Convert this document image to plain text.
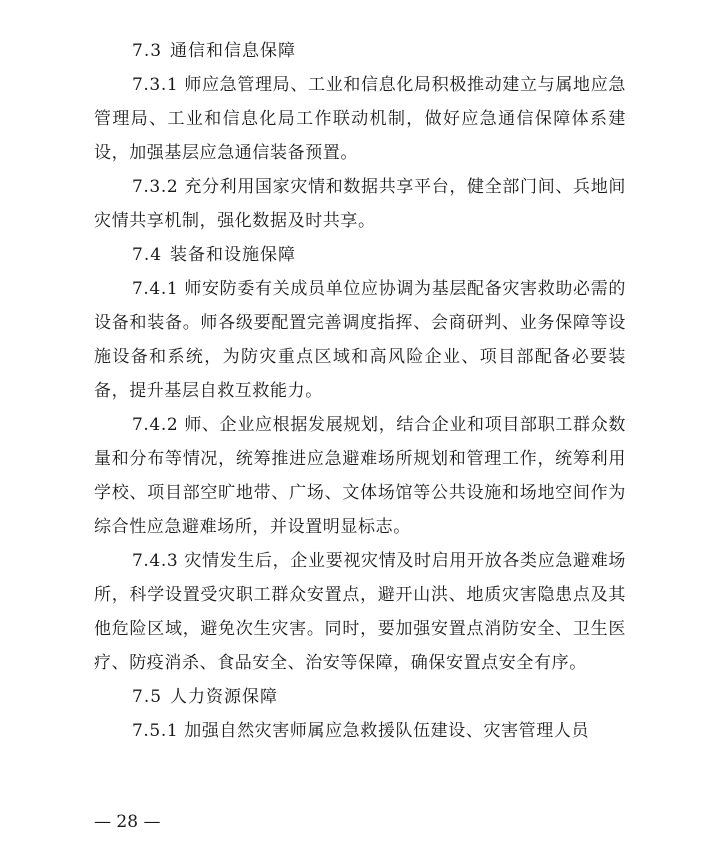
7.3 通信和信息保障

7.3.1 师应急管理局、工业和信息化局积极推动建立与属地应急管理局、工业和信息化局工作联动机制，做好应急通信保障体系建设，加强基层应急通信装备预置。

7.3.2 充分利用国家灾情和数据共享平台，健全部门间、兵地间灾情共享机制，强化数据及时共享。

7.4 装备和设施保障

7.4.1 师安防委有关成员单位应协调为基层配备灾害救助必需的设备和装备。师各级要配置完善调度指挥、会商研判、业务保障等设施设备和系统，为防灾重点区域和高风险企业、项目部配备必要装备，提升基层自救互救能力。

7.4.2 师、企业应根据发展规划，结合企业和项目部职工群众数量和分布等情况，统筹推进应急避难场所规划和管理工作，统筹利用学校、项目部空旷地带、广场、文体场馆等公共设施和场地空间作为综合性应急避难场所，并设置明显标志。

7.4.3 灾情发生后，企业要视灾情及时启用开放各类应急避难场所，科学设置受灾职工群众安置点，避开山洪、地质灾害隐患点及其他危险区域，避免次生灾害。同时，要加强安置点消防安全、卫生医疗、防疫消杀、食品安全、治安等保障，确保安置点安全有序。

7.5 人力资源保障

7.5.1 加强自然灾害师属应急救援队伍建设、灾害管理人员

— 28 —
